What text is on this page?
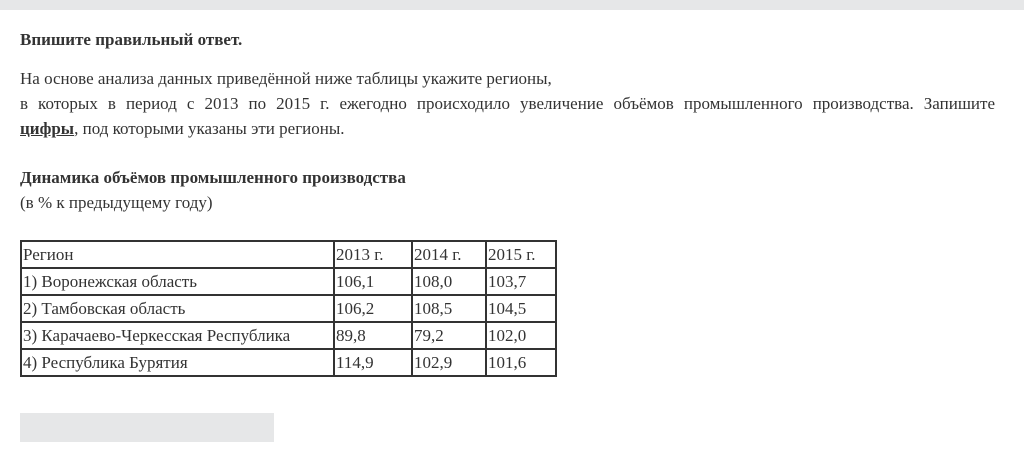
Впишите правильный ответ.

На основе анализа данных приведённой ниже таблицы укажите регионы,
в которых в период с 2013 по 2015 г. ежегодно происходило увеличение объёмов промышленного производства. Запишите
цифры, под которыми указаны эти регионы.

Динамика объёмов промышленного производства

(в % к предыдущему году)

Регион	2013 г.	2014 г.	2015 г.
1) Воронежская область	106,1	108,0	103,7
2) Тамбовская область	106,2	108,5	104,5
3) Карачаево-Черкесская Республика	89,8	79,2	102,0
4) Республика Бурятия	114,9	102,9	101,6
